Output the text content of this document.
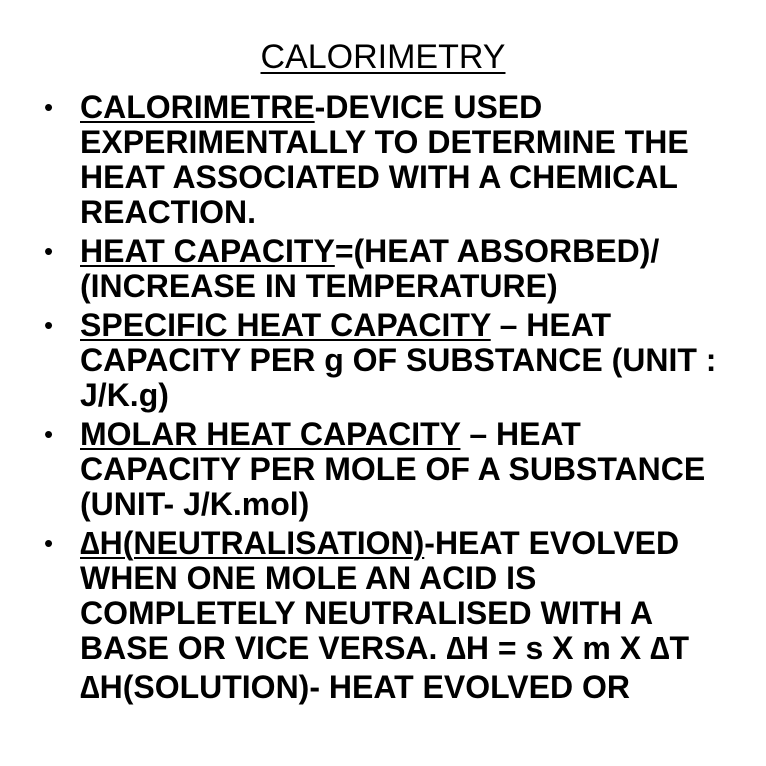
CALORIMETRY
• CALORIMETRE-DEVICE USED EXPERIMENTALLY TO DETERMINE THE HEAT ASSOCIATED WITH A CHEMICAL REACTION.
• HEAT CAPACITY=(HEAT ABSORBED)/ (INCREASE IN TEMPERATURE)
• SPECIFIC HEAT CAPACITY – HEAT CAPACITY PER g OF SUBSTANCE (UNIT : J/K.g)
• MOLAR HEAT CAPACITY – HEAT CAPACITY PER MOLE OF A SUBSTANCE (UNIT- J/K.mol)
• ∆H(NEUTRALISATION)-HEAT EVOLVED WHEN ONE MOLE AN ACID IS COMPLETELY NEUTRALISED WITH A BASE OR VICE VERSA. ∆H = s X m X ∆T
∆H(SOLUTION)- HEAT EVOLVED OR
